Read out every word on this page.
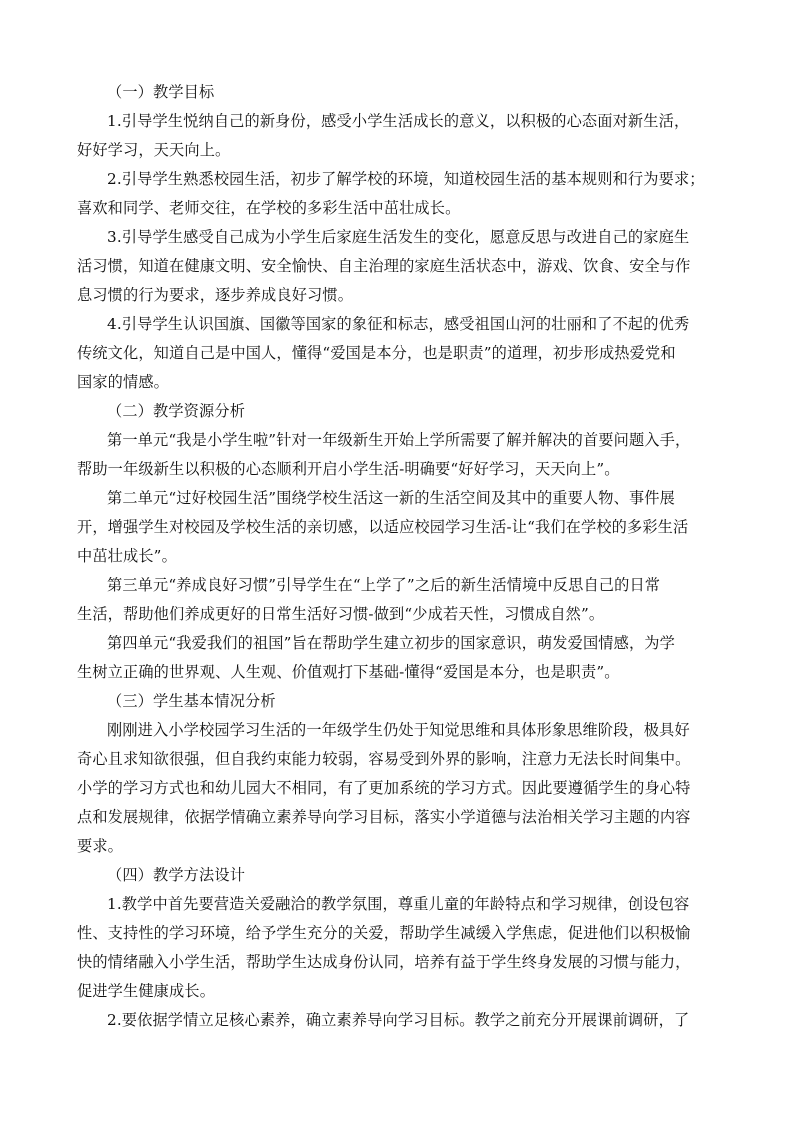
（一）教学目标
1.引导学生悦纳自己的新身份，感受小学生活成长的意义，以积极的心态面对新生活，
好好学习，天天向上。
2.引导学生熟悉校园生活，初步了解学校的环境，知道校园生活的基本规则和行为要求；
喜欢和同学、老师交往，在学校的多彩生活中茁壮成长。
3.引导学生感受自己成为小学生后家庭生活发生的变化，愿意反思与改进自己的家庭生
活习惯，知道在健康文明、安全愉快、自主治理的家庭生活状态中，游戏、饮食、安全与作
息习惯的行为要求，逐步养成良好习惯。
4.引导学生认识国旗、国徽等国家的象征和标志，感受祖国山河的壮丽和了不起的优秀
传统文化，知道自己是中国人，懂得“爱国是本分，也是职责”的道理，初步形成热爱党和
国家的情感。
（二）教学资源分析
第一单元“我是小学生啦”针对一年级新生开始上学所需要了解并解决的首要问题入手，
帮助一年级新生以积极的心态顺利开启小学生活-明确要“好好学习，天天向上”。
第二单元“过好校园生活”围绕学校生活这一新的生活空间及其中的重要人物、事件展
开，增强学生对校园及学校生活的亲切感，以适应校园学习生活-让“我们在学校的多彩生活
中茁壮成长”。
第三单元“养成良好习惯”引导学生在“上学了”之后的新生活情境中反思自己的日常
生活，帮助他们养成更好的日常生活好习惯-做到“少成若天性，习惯成自然”。
第四单元“我爱我们的祖国”旨在帮助学生建立初步的国家意识，萌发爱国情感，为学
生树立正确的世界观、人生观、价值观打下基础-懂得“爱国是本分，也是职责”。
（三）学生基本情况分析
刚刚进入小学校园学习生活的一年级学生仍处于知觉思维和具体形象思维阶段，极具好
奇心且求知欲很强，但自我约束能力较弱，容易受到外界的影响，注意力无法长时间集中。
小学的学习方式也和幼儿园大不相同，有了更加系统的学习方式。因此要遵循学生的身心特
点和发展规律，依据学情确立素养导向学习目标，落实小学道德与法治相关学习主题的内容
要求。
（四）教学方法设计
1.教学中首先要营造关爱融洽的教学氛围，尊重儿童的年龄特点和学习规律，创设包容
性、支持性的学习环境，给予学生充分的关爱，帮助学生减缓入学焦虑，促进他们以积极愉
快的情绪融入小学生活，帮助学生达成身份认同，培养有益于学生终身发展的习惯与能力，
促进学生健康成长。
2.要依据学情立足核心素养，确立素养导向学习目标。教学之前充分开展课前调研，了
